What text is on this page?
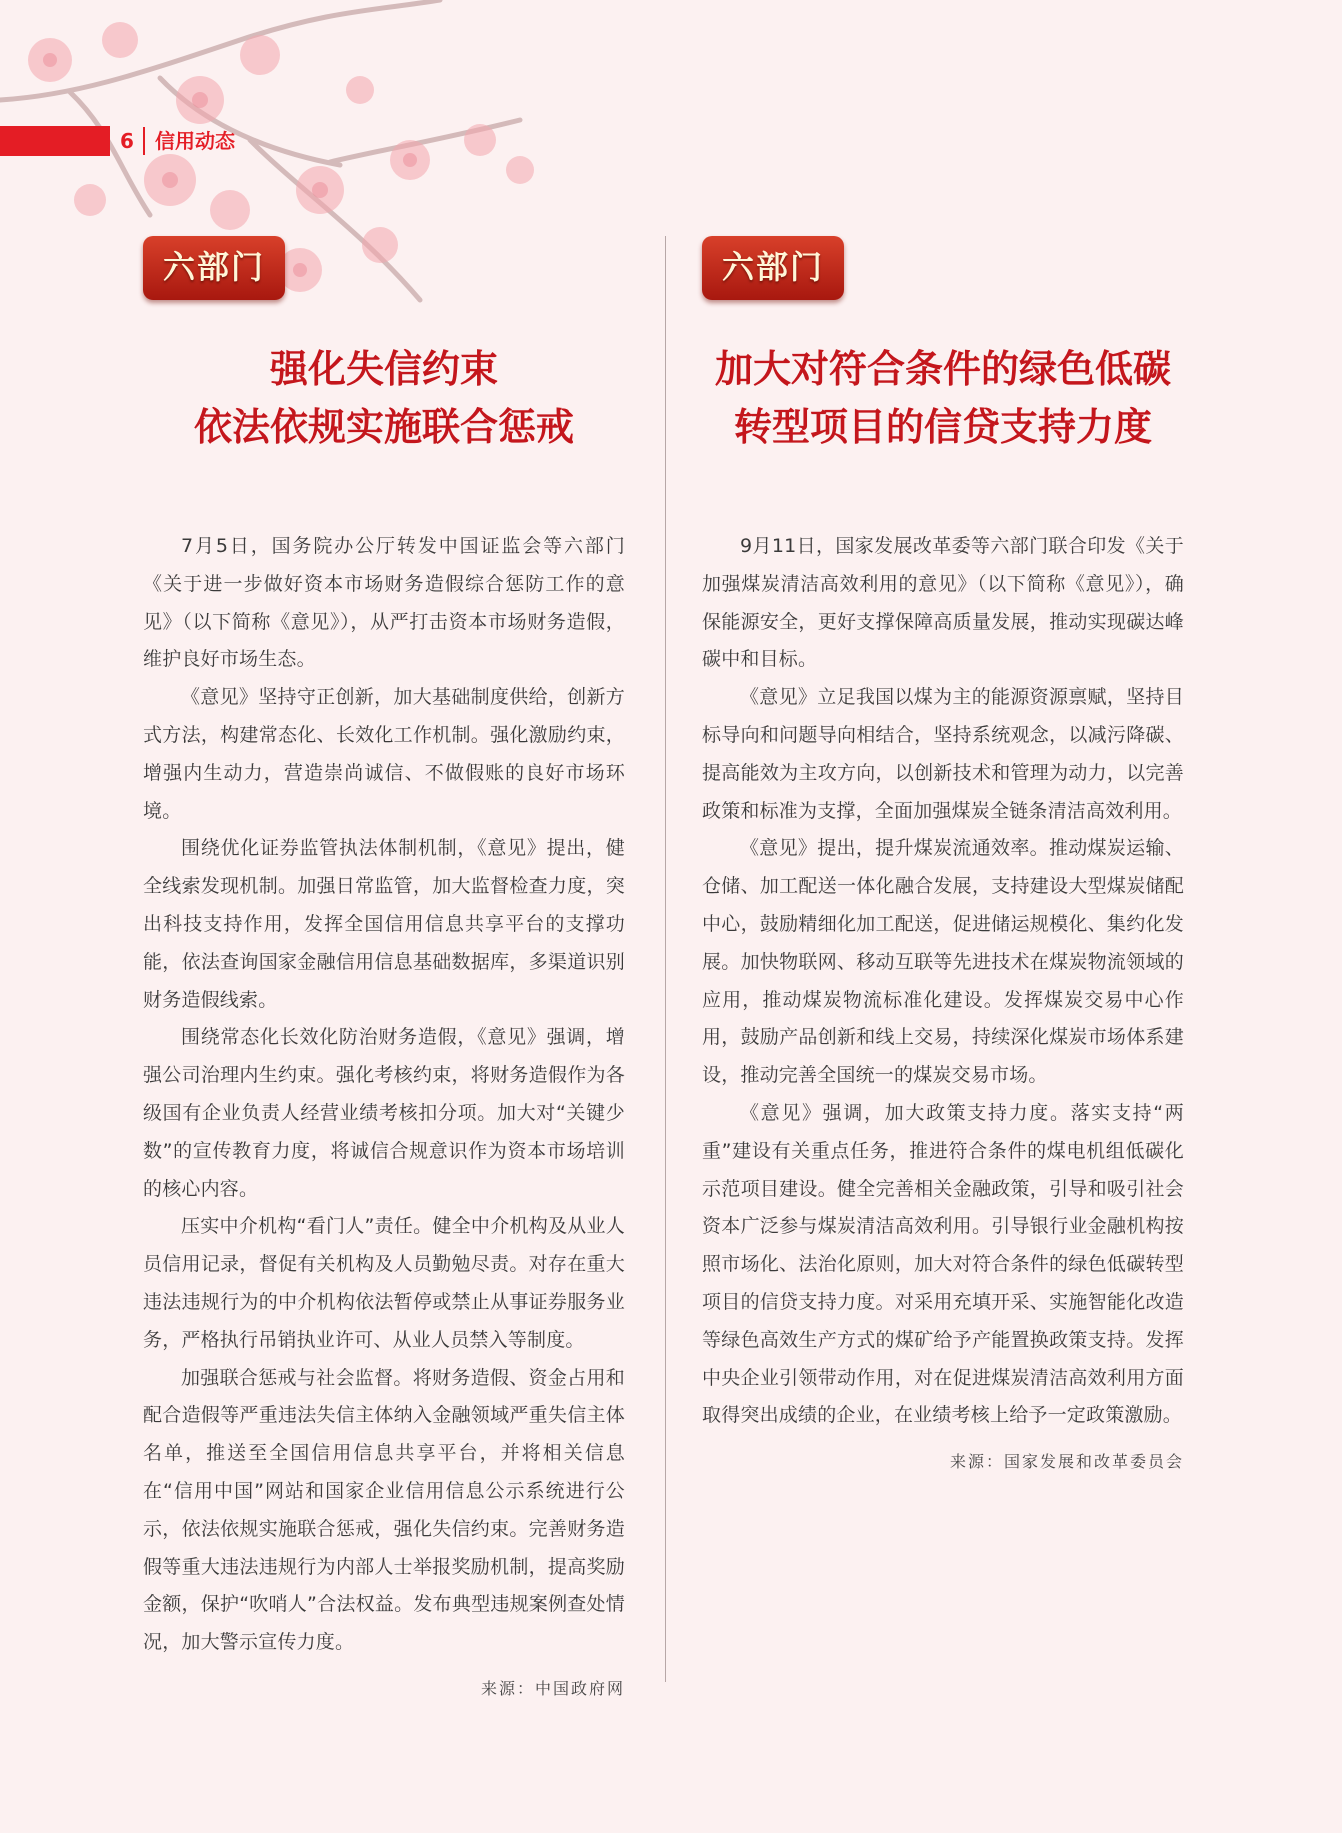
6 信用动态
六部门
强化失信约束
依法依规实施联合惩戒

7月5日，国务院办公厅转发中国证监会等六部门《关于进一步做好资本市场财务造假综合惩防工作的意见》（以下简称《意见》），从严打击资本市场财务造假，维护良好市场生态。

《意见》坚持守正创新，加大基础制度供给，创新方式方法，构建常态化、长效化工作机制。强化激励约束，增强内生动力，营造崇尚诚信、不做假账的良好市场环境。

围绕优化证券监管执法体制机制，《意见》提出，健全线索发现机制。加强日常监管，加大监督检查力度，突出科技支持作用，发挥全国信用信息共享平台的支撑功能，依法查询国家金融信用信息基础数据库，多渠道识别财务造假线索。

围绕常态化长效化防治财务造假，《意见》强调，增强公司治理内生约束。强化考核约束，将财务造假作为各级国有企业负责人经营业绩考核扣分项。加大对“关键少数”的宣传教育力度，将诚信合规意识作为资本市场培训的核心内容。

压实中介机构“看门人”责任。健全中介机构及从业人员信用记录，督促有关机构及人员勤勉尽责。对存在重大违法违规行为的中介机构依法暂停或禁止从事证券服务业务，严格执行吊销执业许可、从业人员禁入等制度。

加强联合惩戒与社会监督。将财务造假、资金占用和配合造假等严重违法失信主体纳入金融领域严重失信主体名单，推送至全国信用信息共享平台，并将相关信息在“信用中国”网站和国家企业信用信息公示系统进行公示，依法依规实施联合惩戒，强化失信约束。完善财务造假等重大违法违规行为内部人士举报奖励机制，提高奖励金额，保护“吹哨人”合法权益。发布典型违规案例查处情况，加大警示宣传力度。

来源：中国政府网
六部门
加大对符合条件的绿色低碳
转型项目的信贷支持力度

9月11日，国家发展改革委等六部门联合印发《关于加强煤炭清洁高效利用的意见》（以下简称《意见》），确保能源安全，更好支撑保障高质量发展，推动实现碳达峰碳中和目标。

《意见》立足我国以煤为主的能源资源禀赋，坚持目标导向和问题导向相结合，坚持系统观念，以减污降碳、提高能效为主攻方向，以创新技术和管理为动力，以完善政策和标准为支撑，全面加强煤炭全链条清洁高效利用。

《意见》提出，提升煤炭流通效率。推动煤炭运输、仓储、加工配送一体化融合发展，支持建设大型煤炭储配中心，鼓励精细化加工配送，促进储运规模化、集约化发展。加快物联网、移动互联等先进技术在煤炭物流领域的应用，推动煤炭物流标准化建设。发挥煤炭交易中心作用，鼓励产品创新和线上交易，持续深化煤炭市场体系建设，推动完善全国统一的煤炭交易市场。

《意见》强调，加大政策支持力度。落实支持“两重”建设有关重点任务，推进符合条件的煤电机组低碳化示范项目建设。健全完善相关金融政策，引导和吸引社会资本广泛参与煤炭清洁高效利用。引导银行业金融机构按照市场化、法治化原则，加大对符合条件的绿色低碳转型项目的信贷支持力度。对采用充填开采、实施智能化改造等绿色高效生产方式的煤矿给予产能置换政策支持。发挥中央企业引领带动作用，对在促进煤炭清洁高效利用方面取得突出成绩的企业，在业绩考核上给予一定政策激励。

来源：国家发展和改革委员会
